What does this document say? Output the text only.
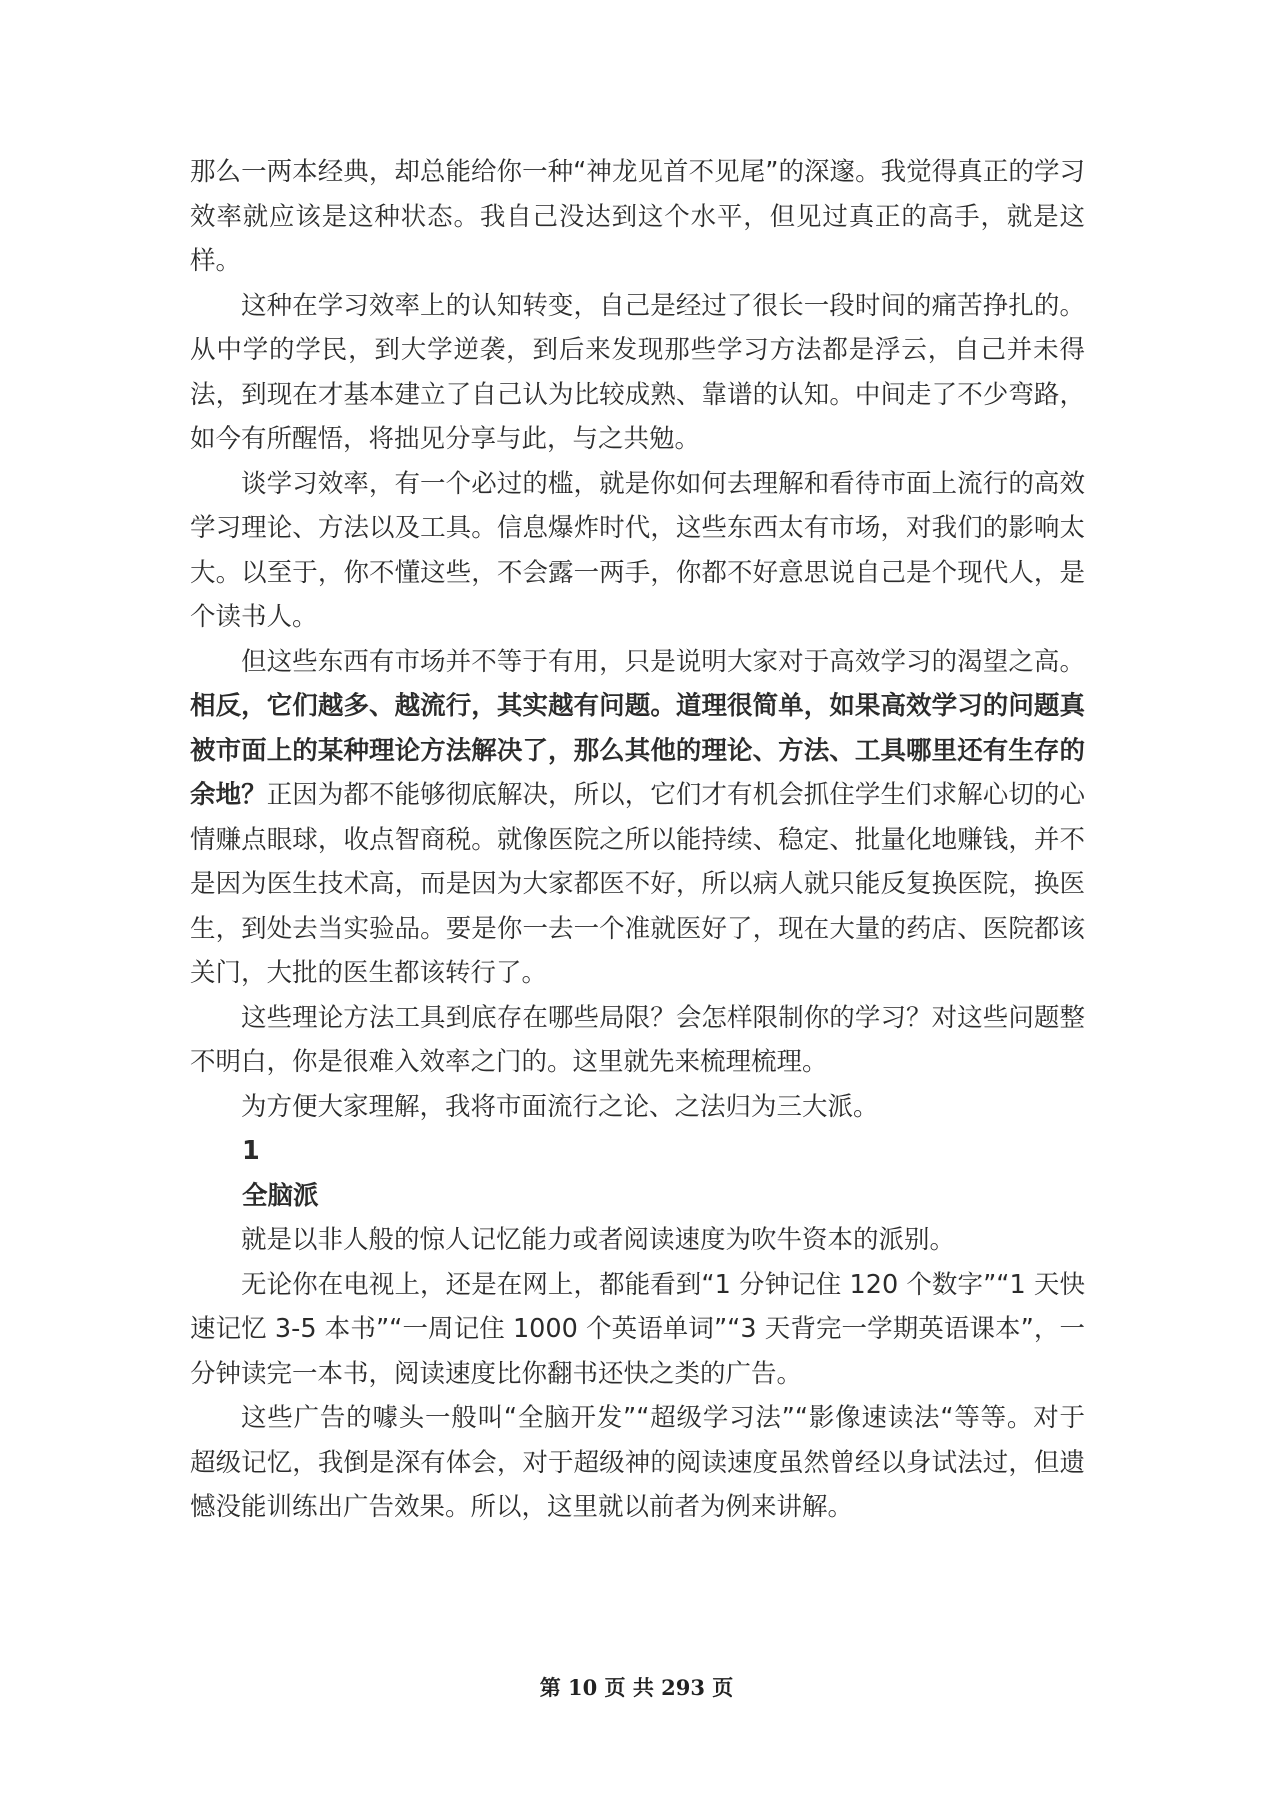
那么一两本经典，却总能给你一种“神龙见首不见尾”的深邃。我觉得真正的学习效率就应该是这种状态。我自己没达到这个水平，但见过真正的高手，就是这样。

这种在学习效率上的认知转变，自己是经过了很长一段时间的痛苦挣扎的。从中学的学民，到大学逆袭，到后来发现那些学习方法都是浮云，自己并未得法，到现在才基本建立了自己认为比较成熟、靠谱的认知。中间走了不少弯路，如今有所醒悟，将拙见分享与此，与之共勉。

谈学习效率，有一个必过的槛，就是你如何去理解和看待市面上流行的高效学习理论、方法以及工具。信息爆炸时代，这些东西太有市场，对我们的影响太大。以至于，你不懂这些，不会露一两手，你都不好意思说自己是个现代人，是个读书人。

但这些东西有市场并不等于有用，只是说明大家对于高效学习的渴望之高。相反，它们越多、越流行，其实越有问题。道理很简单，如果高效学习的问题真被市面上的某种理论方法解决了，那么其他的理论、方法、工具哪里还有生存的余地？正因为都不能够彻底解决，所以，它们才有机会抓住学生们求解心切的心情赚点眼球，收点智商税。就像医院之所以能持续、稳定、批量化地赚钱，并不是因为医生技术高，而是因为大家都医不好，所以病人就只能反复换医院，换医生，到处去当实验品。要是你一去一个准就医好了，现在大量的药店、医院都该关门，大批的医生都该转行了。

这些理论方法工具到底存在哪些局限？会怎样限制你的学习？对这些问题整不明白，你是很难入效率之门的。这里就先来梳理梳理。

为方便大家理解，我将市面流行之论、之法归为三大派。

1

全脑派

就是以非人般的惊人记忆能力或者阅读速度为吹牛资本的派别。

无论你在电视上，还是在网上，都能看到“1 分钟记住 120 个数字”“1 天快速记忆 3-5 本书”“一周记住 1000 个英语单词”“3 天背完一学期英语课本”，一分钟读完一本书，阅读速度比你翻书还快之类的广告。

这些广告的噱头一般叫“全脑开发”“超级学习法”“影像速读法“等等。对于超级记忆，我倒是深有体会，对于超级神的阅读速度虽然曾经以身试法过，但遗憾没能训练出广告效果。所以，这里就以前者为例来讲解。

第 10 页 共 293 页
